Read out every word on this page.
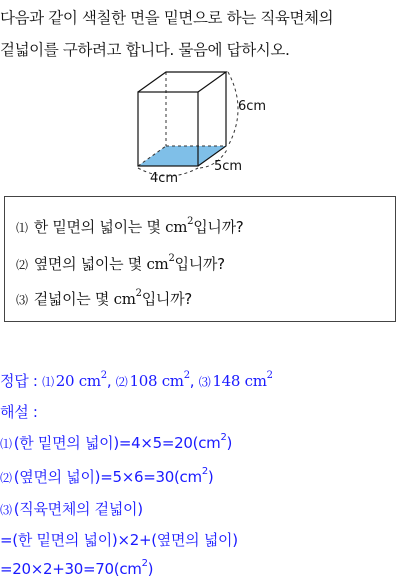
다음과 같이 색칠한 면을 밑면으로 하는 직육면체의
겉넓이를 구하려고 합니다. 물음에 답하시오.
6cm
4cm
5cm
⑴ 한 밑면의 넓이는 몇 $cm^2$입니까?
⑵ 옆면의 넓이는 몇 $cm^2$입니까?
⑶ 겉넓이는 몇 $cm^2$입니까?
정답 : ⑴ 20 $cm^2$, ⑵ 108 $cm^2$, ⑶ 148 $cm^2$
해설 :
⑴ (한 밑면의 넓이)$=4\times 5=20(cm^2)$
⑵ (옆면의 넓이)$=5\times 6=30(cm^2)$
⑶ (직육면체의 겉넓이)
=(한 밑면의 넓이)×2+(옆면의 넓이)
$=20\times 2+30=70(cm^2)$
